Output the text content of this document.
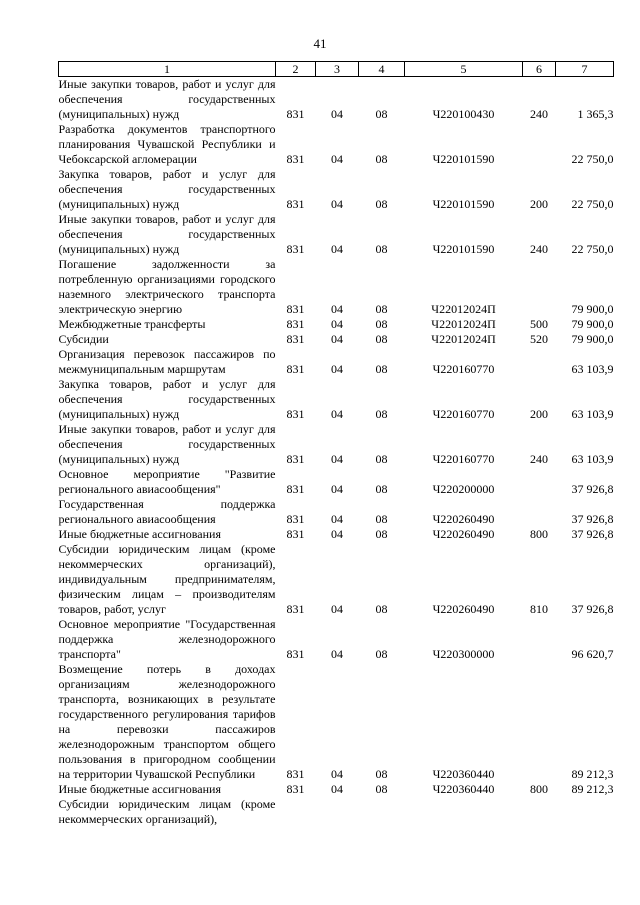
41
1	2	3	4	5	6	7
Иные закупки товаров, работ и услуг для обеспечения государственных (муниципальных) нужд	831	04	08	Ч220100430	240	1 365,3
Разработка документов транспортного планирования Чувашской Республики и Чебоксарской агломерации	831	04	08	Ч220101590		22 750,0
Закупка товаров, работ и услуг для обеспечения государственных (муниципальных) нужд	831	04	08	Ч220101590	200	22 750,0
Иные закупки товаров, работ и услуг для обеспечения государственных (муниципальных) нужд	831	04	08	Ч220101590	240	22 750,0
Погашение задолженности за потребленную организациями городского наземного электрического транспорта электрическую энергию	831	04	08	Ч22012024П		79 900,0
Межбюджетные трансферты	831	04	08	Ч22012024П	500	79 900,0
Субсидии	831	04	08	Ч22012024П	520	79 900,0
Организация перевозок пассажиров по межмуниципальным маршрутам	831	04	08	Ч220160770		63 103,9
Закупка товаров, работ и услуг для обеспечения государственных (муниципальных) нужд	831	04	08	Ч220160770	200	63 103,9
Иные закупки товаров, работ и услуг для обеспечения государственных (муниципальных) нужд	831	04	08	Ч220160770	240	63 103,9
Основное мероприятие "Развитие регионального авиасообщения"	831	04	08	Ч220200000		37 926,8
Государственная поддержка регионального авиасообщения	831	04	08	Ч220260490		37 926,8
Иные бюджетные ассигнования	831	04	08	Ч220260490	800	37 926,8
Субсидии юридическим лицам (кроме некоммерческих организаций), индивидуальным предпринимателям, физическим лицам – производителям товаров, работ, услуг	831	04	08	Ч220260490	810	37 926,8
Основное мероприятие "Государственная поддержка железнодорожного транспорта"	831	04	08	Ч220300000		96 620,7
Возмещение потерь в доходах организациям железнодорожного транспорта, возникающих в результате государственного регулирования тарифов на перевозки пассажиров железнодорожным транспортом общего пользования в пригородном сообщении на территории Чувашской Республики	831	04	08	Ч220360440		89 212,3
Иные бюджетные ассигнования	831	04	08	Ч220360440	800	89 212,3
Субсидии юридическим лицам (кроме некоммерческих организаций),						
